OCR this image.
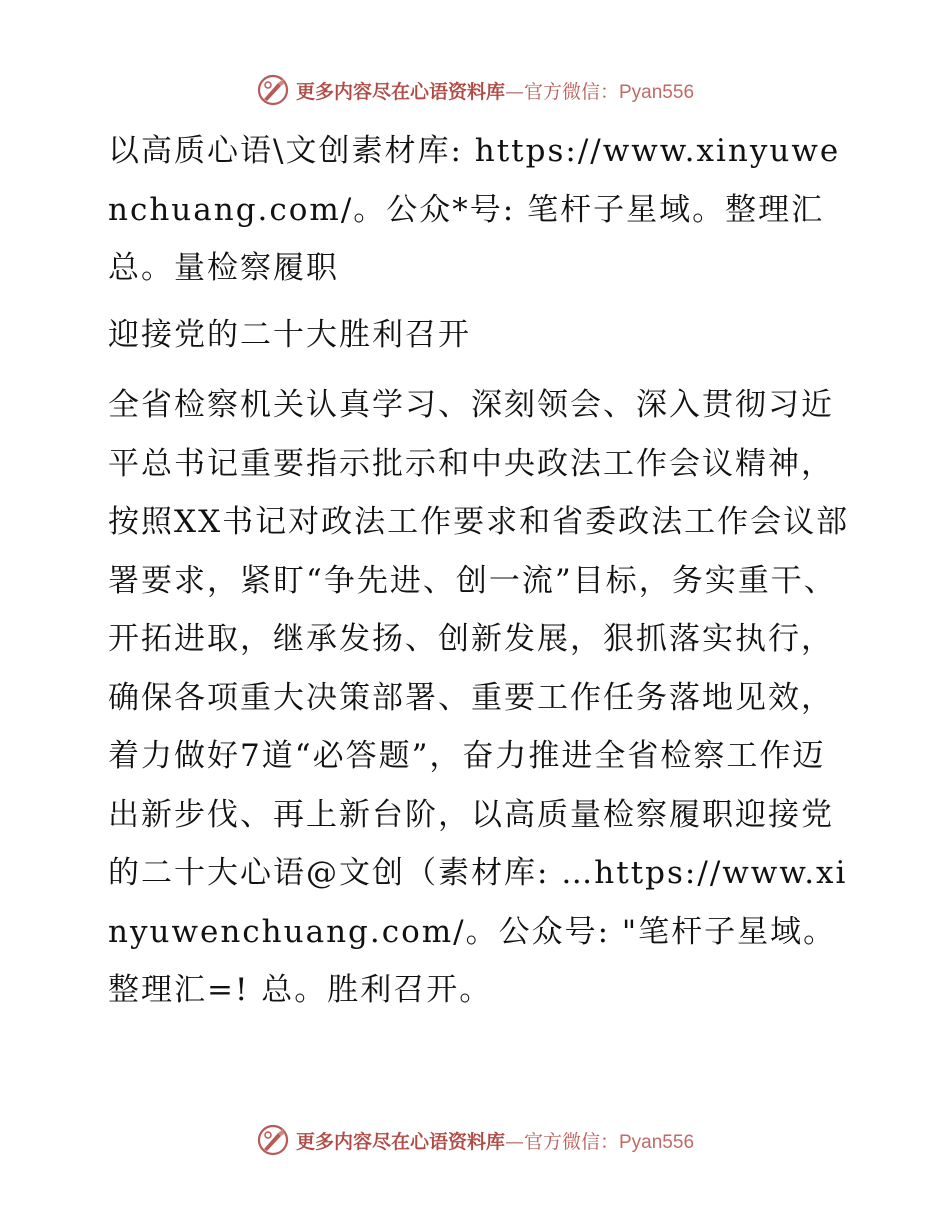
更多内容尽在心语资料库—官方微信：Pyan556

以高质心语\文创素材库: https://www.xinyuwenchuang.com/。公众*号: 笔杆子星域。整理汇总。量检察履职

迎接党的二十大胜利召开

全省检察机关认真学习、深刻领会、深入贯彻习近平总书记重要指示批示和中央政法工作会议精神，按照XX书记对政法工作要求和省委政法工作会议部署要求，紧盯“争先进、创一流”目标，务实重干、开拓进取，继承发扬、创新发展，狠抓落实执行，确保各项重大决策部署、重要工作任务落地见效，着力做好7道“必答题”，奋力推进全省检察工作迈出新步伐、再上新台阶，以高质量检察履职迎接党的二十大心语@文创（素材库: …https://www.xinyuwenchuang.com/。公众号: "笔杆子星域。整理汇=! 总。胜利召开。

更多内容尽在心语资料库—官方微信：Pyan556
